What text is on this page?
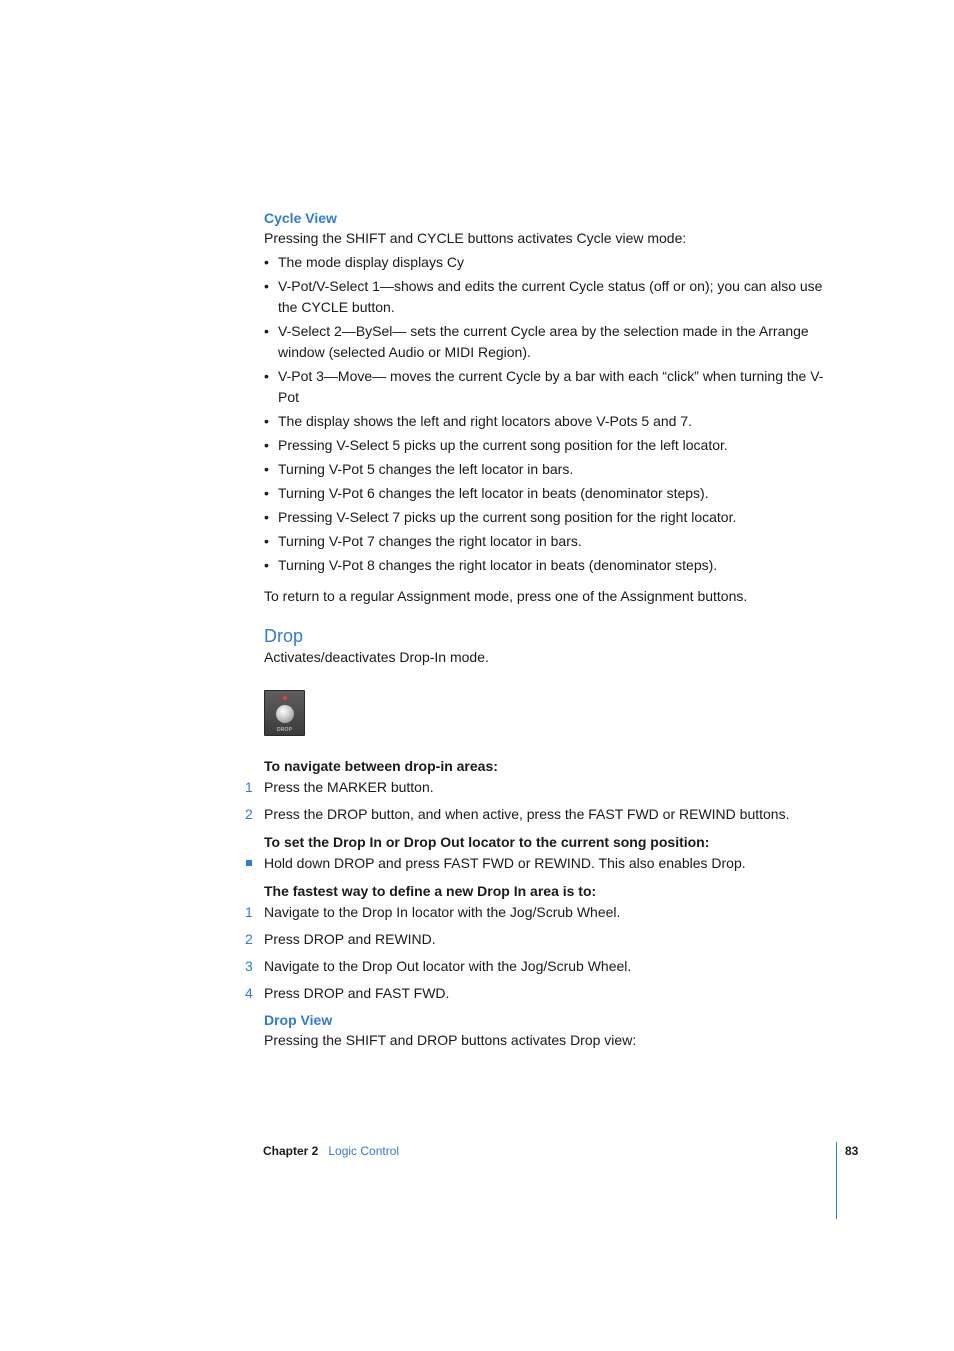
Cycle View
Pressing the SHIFT and CYCLE buttons activates Cycle view mode:
• The mode display displays Cy
• V-Pot/V-Select 1—shows and edits the current Cycle status (off or on); you can also use the CYCLE button.
• V-Select 2—BySel— sets the current Cycle area by the selection made in the Arrange window (selected Audio or MIDI Region).
• V-Pot 3—Move— moves the current Cycle by a bar with each “click” when turning the V-Pot
• The display shows the left and right locators above V-Pots 5 and 7.
• Pressing V-Select 5 picks up the current song position for the left locator.
• Turning V-Pot 5 changes the left locator in bars.
• Turning V-Pot 6 changes the left locator in beats (denominator steps).
• Pressing V-Select 7 picks up the current song position for the right locator.
• Turning V-Pot 7 changes the right locator in bars.
• Turning V-Pot 8 changes the right locator in beats (denominator steps).
To return to a regular Assignment mode, press one of the Assignment buttons.
Drop
Activates/deactivates Drop-In mode.
DROP
To navigate between drop-in areas:
1 Press the MARKER button.
2 Press the DROP button, and when active, press the FAST FWD or REWIND buttons.
To set the Drop In or Drop Out locator to the current song position:
Hold down DROP and press FAST FWD or REWIND. This also enables Drop.
The fastest way to define a new Drop In area is to:
1 Navigate to the Drop In locator with the Jog/Scrub Wheel.
2 Press DROP and REWIND.
3 Navigate to the Drop Out locator with the Jog/Scrub Wheel.
4 Press DROP and FAST FWD.
Drop View
Pressing the SHIFT and DROP buttons activates Drop view:
Chapter 2 Logic Control	83
